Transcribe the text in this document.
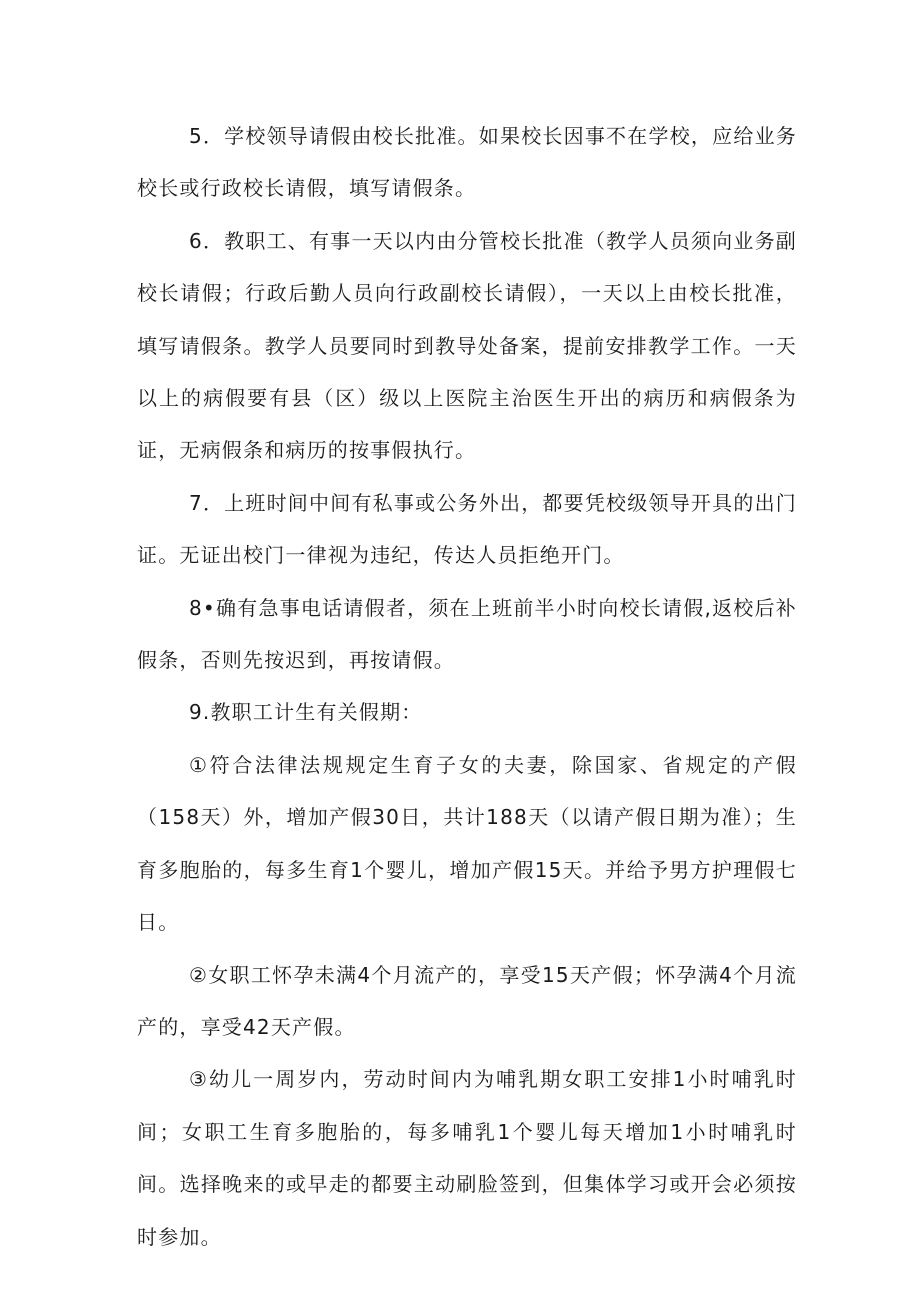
5．学校领导请假由校长批准。如果校长因事不在学校，应给业务校长或行政校长请假，填写请假条。

6．教职工、有事一天以内由分管校长批准（教学人员须向业务副校长请假；行政后勤人员向行政副校长请假），一天以上由校长批准，填写请假条。教学人员要同时到教导处备案，提前安排教学工作。一天以上的病假要有县（区）级以上医院主治医生开出的病历和病假条为证，无病假条和病历的按事假执行。

7．上班时间中间有私事或公务外出，都要凭校级领导开具的出门证。无证出校门一律视为违纪，传达人员拒绝开门。

8•确有急事电话请假者，须在上班前半小时向校长请假,返校后补假条，否则先按迟到，再按请假。

9.教职工计生有关假期：

①符合法律法规规定生育子女的夫妻，除国家、省规定的产假（158天）外，增加产假30日，共计188天（以请产假日期为准）；生育多胞胎的，每多生育1个婴儿，增加产假15天。并给予男方护理假七日。

②女职工怀孕未满4个月流产的，享受15天产假；怀孕满4个月流产的，享受42天产假。

③幼儿一周岁内，劳动时间内为哺乳期女职工安排1小时哺乳时间；女职工生育多胞胎的，每多哺乳1个婴儿每天增加1小时哺乳时间。选择晚来的或早走的都要主动刷脸签到，但集体学习或开会必须按时参加。
